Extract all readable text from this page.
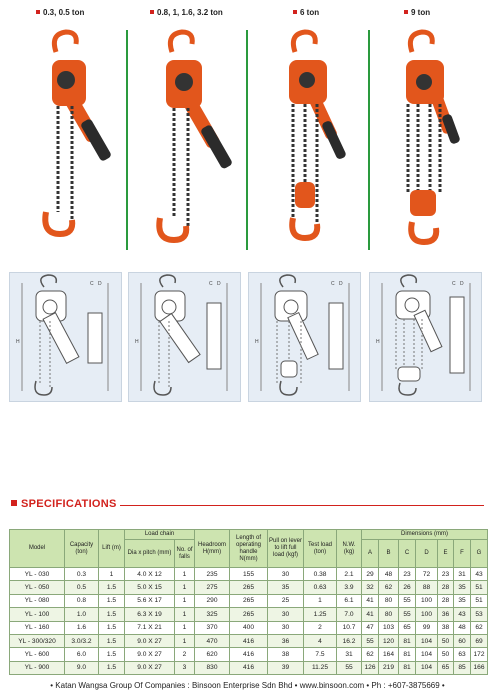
0.3, 0.5 ton	0.8, 1, 1.6, 3.2 ton	6 ton	9 ton
H
C D
H
C D
H
C D
H
C D
SPECIFICATIONS
Model	Capacity (ton)	Lift (m)	Load chain		Headroom H(mm)	Length of operating handle N(mm)	Pull on lever to lift full load (kgf)	Test load (ton)	N.W. (kg)	Dimensions (mm)						
			Dia x pitch (mm)	No. of falls						A	B	C	D	E	F	G
YL - 030	0.3	1	4.0 X 12	1	235	155	30	0.38	2.1	29	48	23	72	23	31	43
YL - 050	0.5	1.5	5.0 X 15	1	275	265	35	0.63	3.9	32	62	26	88	28	35	51
YL - 080	0.8	1.5	5.6 X 17	1	290	265	25	1	6.1	41	80	55	100	28	35	51
YL - 100	1.0	1.5	6.3 X 19	1	325	265	30	1.25	7.0	41	80	55	100	36	43	53
YL - 160	1.6	1.5	7.1 X 21	1	370	400	30	2	10.7	47	103	65	99	38	48	62
YL - 300/320	3.0/3.2	1.5	9.0 X 27	1	470	416	36	4	16.2	55	120	81	104	50	60	69
YL - 600	6.0	1.5	9.0 X 27	2	620	416	38	7.5	31	62	164	81	104	50	63	172
YL - 900	9.0	1.5	9.0 X 27	3	830	416	39	11.25	55	126	219	81	104	65	85	166
• Katan Wangsa Group Of Companies : Binsoon Enterprise Sdn Bhd • www.binsoon.com • Ph : +607-3875669 •
